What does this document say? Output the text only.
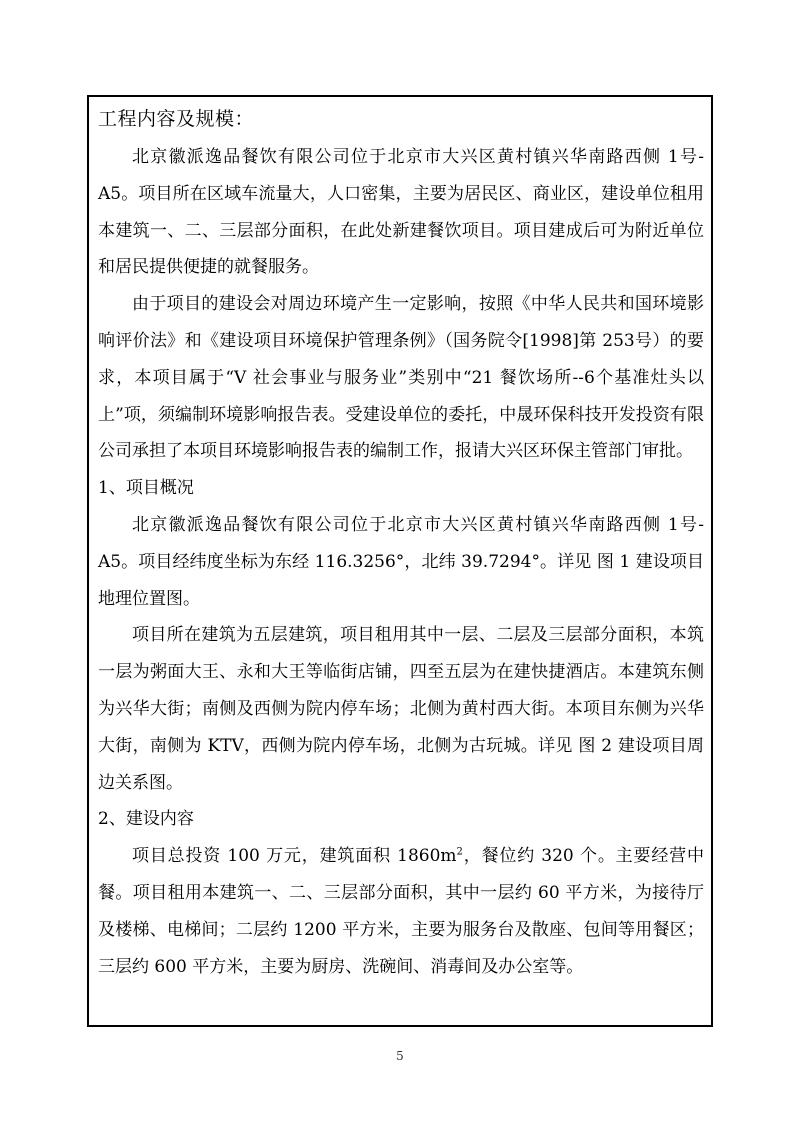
工程内容及规模：

北京徽派逸品餐饮有限公司位于北京市大兴区黄村镇兴华南路西侧 1号-A5。项目所在区域车流量大，人口密集，主要为居民区、商业区，建设单位租用本建筑一、二、三层部分面积，在此处新建餐饮项目。项目建成后可为附近单位和居民提供便捷的就餐服务。

由于项目的建设会对周边环境产生一定影响，按照《中华人民共和国环境影响评价法》和《建设项目环境保护管理条例》（国务院令[1998]第 253号）的要求，本项目属于“V 社会事业与服务业”类别中“21 餐饮场所--6个基准灶头以上”项，须编制环境影响报告表。受建设单位的委托，中晟环保科技开发投资有限公司承担了本项目环境影响报告表的编制工作，报请大兴区环保主管部门审批。

1、项目概况

北京徽派逸品餐饮有限公司位于北京市大兴区黄村镇兴华南路西侧 1号-A5。项目经纬度坐标为东经 116.3256°，北纬 39.7294°。详见 图 1 建设项目地理位置图。

项目所在建筑为五层建筑，项目租用其中一层、二层及三层部分面积，本筑一层为粥面大王、永和大王等临街店铺，四至五层为在建快捷酒店。本建筑东侧为兴华大街；南侧及西侧为院内停车场；北侧为黄村西大街。本项目东侧为兴华大街，南侧为 KTV，西侧为院内停车场，北侧为古玩城。详见 图 2 建设项目周边关系图。

2、建设内容

项目总投资 100 万元，建筑面积 $1860m^2$，餐位约 320 个。主要经营中餐。项目租用本建筑一、二、三层部分面积，其中一层约 60 平方米，为接待厅及楼梯、电梯间；二层约 1200 平方米，主要为服务台及散座、包间等用餐区；三层约 600 平方米，主要为厨房、洗碗间、消毒间及办公室等。

5
